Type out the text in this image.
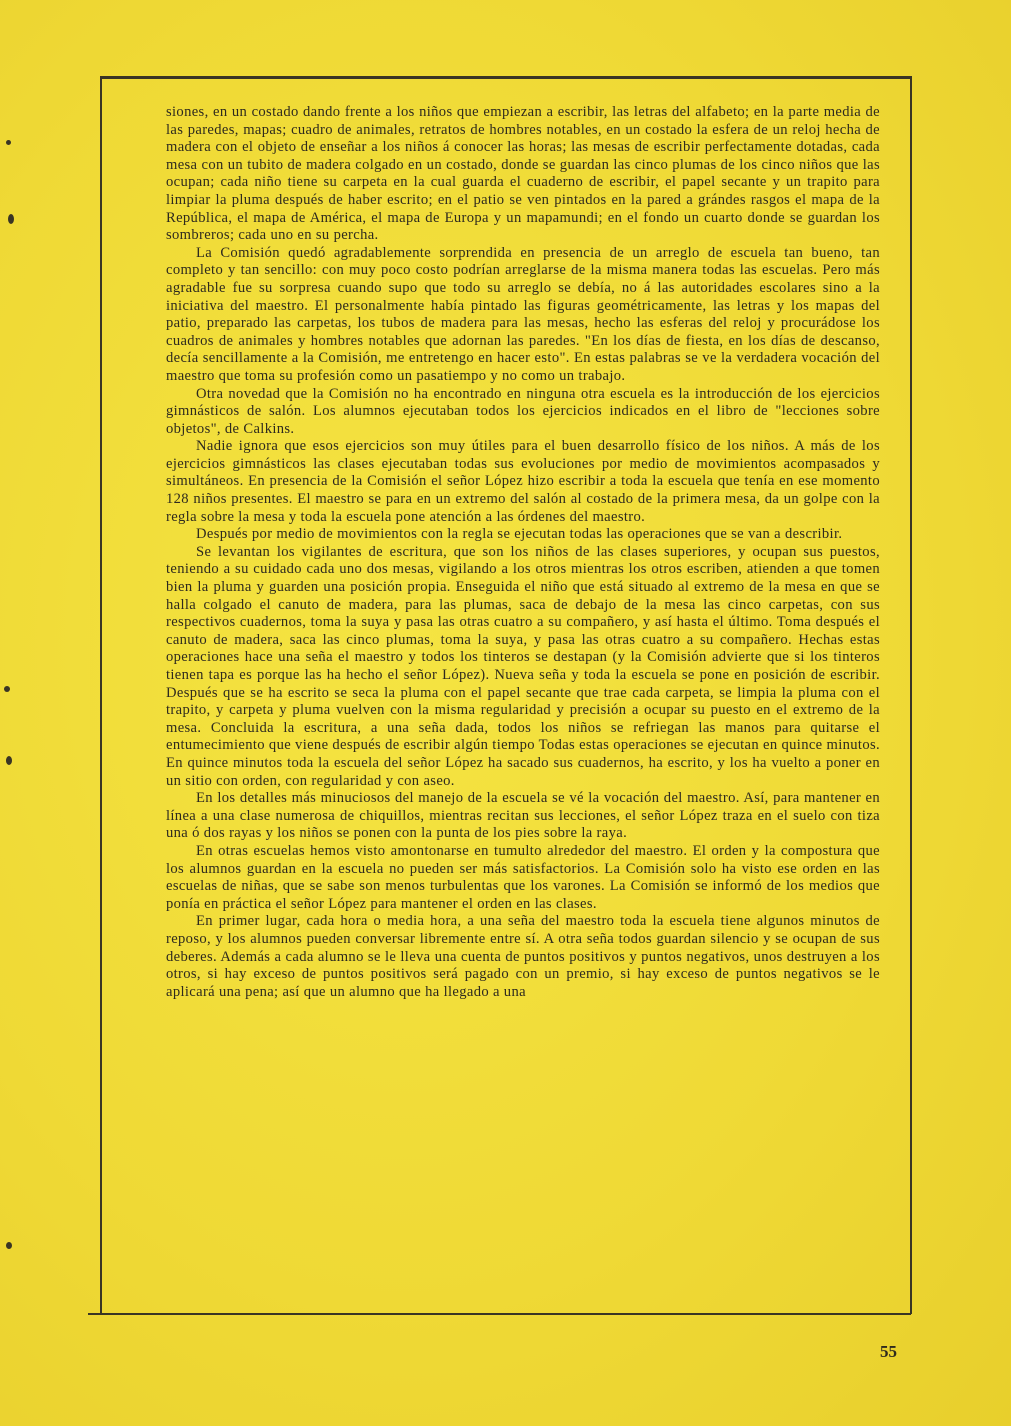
siones, en un costado dando frente a los niños que empiezan a escribir, las letras del alfabeto; en la parte media de las paredes, mapas; cuadro de animales, retratos de hombres notables, en un costado la esfera de un reloj hecha de madera con el objeto de enseñar a los niños á conocer las horas; las mesas de escribir perfectamente dotadas, cada mesa con un tubito de madera colgado en un costado, donde se guardan las cinco plumas de los cinco niños que las ocupan; cada niño tiene su carpeta en la cual guarda el cuaderno de escribir, el papel secante y un trapito para limpiar la pluma después de haber escrito; en el patio se ven pintados en la pared a grándes rasgos el mapa de la República, el mapa de América, el mapa de Europa y un mapamundi; en el fondo un cuarto donde se guardan los sombreros; cada uno en su percha.

La Comisión quedó agradablemente sorprendida en presencia de un arreglo de escuela tan bueno, tan completo y tan sencillo: con muy poco costo podrían arreglarse de la misma manera todas las escuelas. Pero más agradable fue su sorpresa cuando supo que todo su arreglo se debía, no á las autoridades escolares sino a la iniciativa del maestro. El personalmente había pintado las figuras geométricamente, las letras y los mapas del patio, preparado las carpetas, los tubos de madera para las mesas, hecho las esferas del reloj y procurádose los cuadros de animales y hombres notables que adornan las paredes. "En los días de fiesta, en los días de descanso, decía sencillamente a la Comisión, me entretengo en hacer esto". En estas palabras se ve la verdadera vocación del maestro que toma su profesión como un pasatiempo y no como un trabajo.

Otra novedad que la Comisión no ha encontrado en ninguna otra escuela es la introducción de los ejercicios gimnásticos de salón. Los alumnos ejecutaban todos los ejercicios indicados en el libro de "lecciones sobre objetos", de Calkins.

Nadie ignora que esos ejercicios son muy útiles para el buen desarrollo físico de los niños. A más de los ejercicios gimnásticos las clases ejecutaban todas sus evoluciones por medio de movimientos acompasados y simultáneos. En presencia de la Comisión el señor López hizo escribir a toda la escuela que tenía en ese momento 128 niños presentes. El maestro se para en un extremo del salón al costado de la primera mesa, da un golpe con la regla sobre la mesa y toda la escuela pone atención a las órdenes del maestro.

Después por medio de movimientos con la regla se ejecutan todas las operaciones que se van a describir.

Se levantan los vigilantes de escritura, que son los niños de las clases superiores, y ocupan sus puestos, teniendo a su cuidado cada uno dos mesas, vigilando a los otros mientras los otros escriben, atienden a que tomen bien la pluma y guarden una posición propia. Enseguida el niño que está situado al extremo de la mesa en que se halla colgado el canuto de madera, para las plumas, saca de debajo de la mesa las cinco carpetas, con sus respectivos cuadernos, toma la suya y pasa las otras cuatro a su compañero, y así hasta el último. Toma después el canuto de madera, saca las cinco plumas, toma la suya, y pasa las otras cuatro a su compañero. Hechas estas operaciones hace una seña el maestro y todos los tinteros se destapan (y la Comisión advierte que si los tinteros tienen tapa es porque las ha hecho el señor López). Nueva seña y toda la escuela se pone en posición de escribir. Después que se ha escrito se seca la pluma con el papel secante que trae cada carpeta, se limpia la pluma con el trapito, y carpeta y pluma vuelven con la misma regularidad y precisión a ocupar su puesto en el extremo de la mesa. Concluida la escritura, a una seña dada, todos los niños se refriegan las manos para quitarse el entumecimiento que viene después de escribir algún tiempo Todas estas operaciones se ejecutan en quince minutos. En quince minutos toda la escuela del señor López ha sacado sus cuadernos, ha escrito, y los ha vuelto a poner en un sitio con orden, con regularidad y con aseo.

En los detalles más minuciosos del manejo de la escuela se vé la vocación del maestro. Así, para mantener en línea a una clase numerosa de chiquillos, mientras recitan sus lecciones, el señor López traza en el suelo con tiza una ó dos rayas y los niños se ponen con la punta de los pies sobre la raya.

En otras escuelas hemos visto amontonarse en tumulto alrededor del maestro. El orden y la compostura que los alumnos guardan en la escuela no pueden ser más satisfactorios. La Comisión solo ha visto ese orden en las escuelas de niñas, que se sabe son menos turbulentas que los varones. La Comisión se informó de los medios que ponía en práctica el señor López para mantener el orden en las clases.

En primer lugar, cada hora o media hora, a una seña del maestro toda la escuela tiene algunos minutos de reposo, y los alumnos pueden conversar libremente entre sí. A otra seña todos guardan silencio y se ocupan de sus deberes. Además a cada alumno se le lleva una cuenta de puntos positivos y puntos negativos, unos destruyen a los otros, si hay exceso de puntos positivos será pagado con un premio, si hay exceso de puntos negativos se le aplicará una pena; así que un alumno que ha llegado a una

55
